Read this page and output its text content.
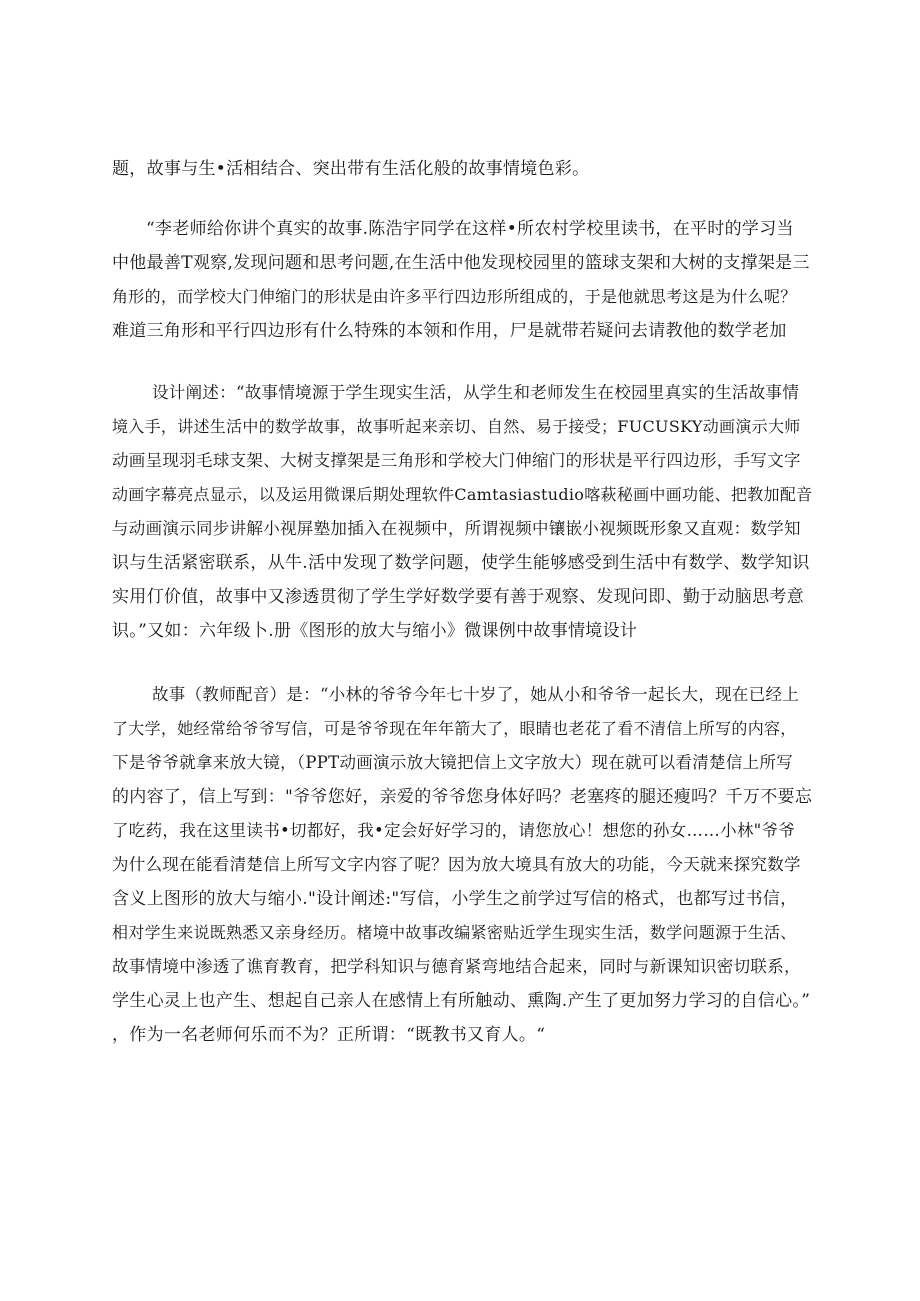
题，故事与生•活相结合、突出带有生活化般的故事情境色彩。
“李老师给你讲个真实的故事.陈浩宇同学在这样•所农村学校里读书，在平时的学习当
中他最善T观察,发现问题和思考问题,在生活中他发现校园里的篮球支架和大树的支撑架是三
角形的，而学校大门伸缩门的形状是由许多平行四边形所组成的，于是他就思考这是为什么呢？
难道三角形和平行四边形有什么特殊的本领和作用，尸是就带若疑问去请教他的数学老加
设计阐述：“故事情境源于学生现实生活，从学生和老师发生在校园里真实的生活故事情
境入手，讲述生活中的数学故事，故事听起来亲切、自然、易于接受；FUCUSKY动画演示大师
动画呈现羽毛球支架、大树支撑架是三角形和学校大门伸缩门的形状是平行四边形，手写文字
动画字幕亮点显示，以及运用微课后期处理软件Camtasiastudio喀萩秘画中画功能、把教加配音
与动画演示同步讲解小视屏塾加插入在视频中，所谓视频中镶嵌小视频既形象又直观：数学知
识与生活紧密联系，从牛.活中发现了数学问题，使学生能够感受到生活中有数学、数学知识
实用仃价值，故事中又渗透贯彻了学生学好数学要有善于观察、发现问即、勤于动脑思考意
识。”又如：六年级卜.册《图形的放大与缩小》微课例中故事情境设计
故事（教师配音）是：“小林的爷爷今年七十岁了，她从小和爷爷一起长大，现在已经上
了大学，她经常给爷爷写信，可是爷爷现在年年箭大了，眼睛也老花了看不清信上所写的内容，
下是爷爷就拿来放大镜，（PPT动画演示放大镜把信上文字放大）现在就可以看清楚信上所写
的内容了，信上写到："爷爷您好，亲爱的爷爷您身体好吗？老塞疼的腿还瘦吗？千万不要忘
了吃药，我在这里读书•切都好，我•定会好好学习的，请您放心！想您的孙女……小林"爷爷
为什么现在能看清楚信上所写文字内容了呢？因为放大境具有放大的功能，今天就来探究数学
含义上图形的放大与缩小."设计阐述:"写信，小学生之前学过写信的格式，也都写过书信，
相对学生来说既熟悉又亲身经历。楮境中故事改编紧密贴近学生现实生活，数学问题源于生活、
故事情境中渗透了谯育教育，把学科知识与德育紧弯地结合起来，同时与新课知识密切联系，
学生心灵上也产生、想起自己亲人在感情上有所触动、熏陶.产生了更加努力学习的自信心。”
，作为一名老师何乐而不为？正所谓：“既教书又育人。“
